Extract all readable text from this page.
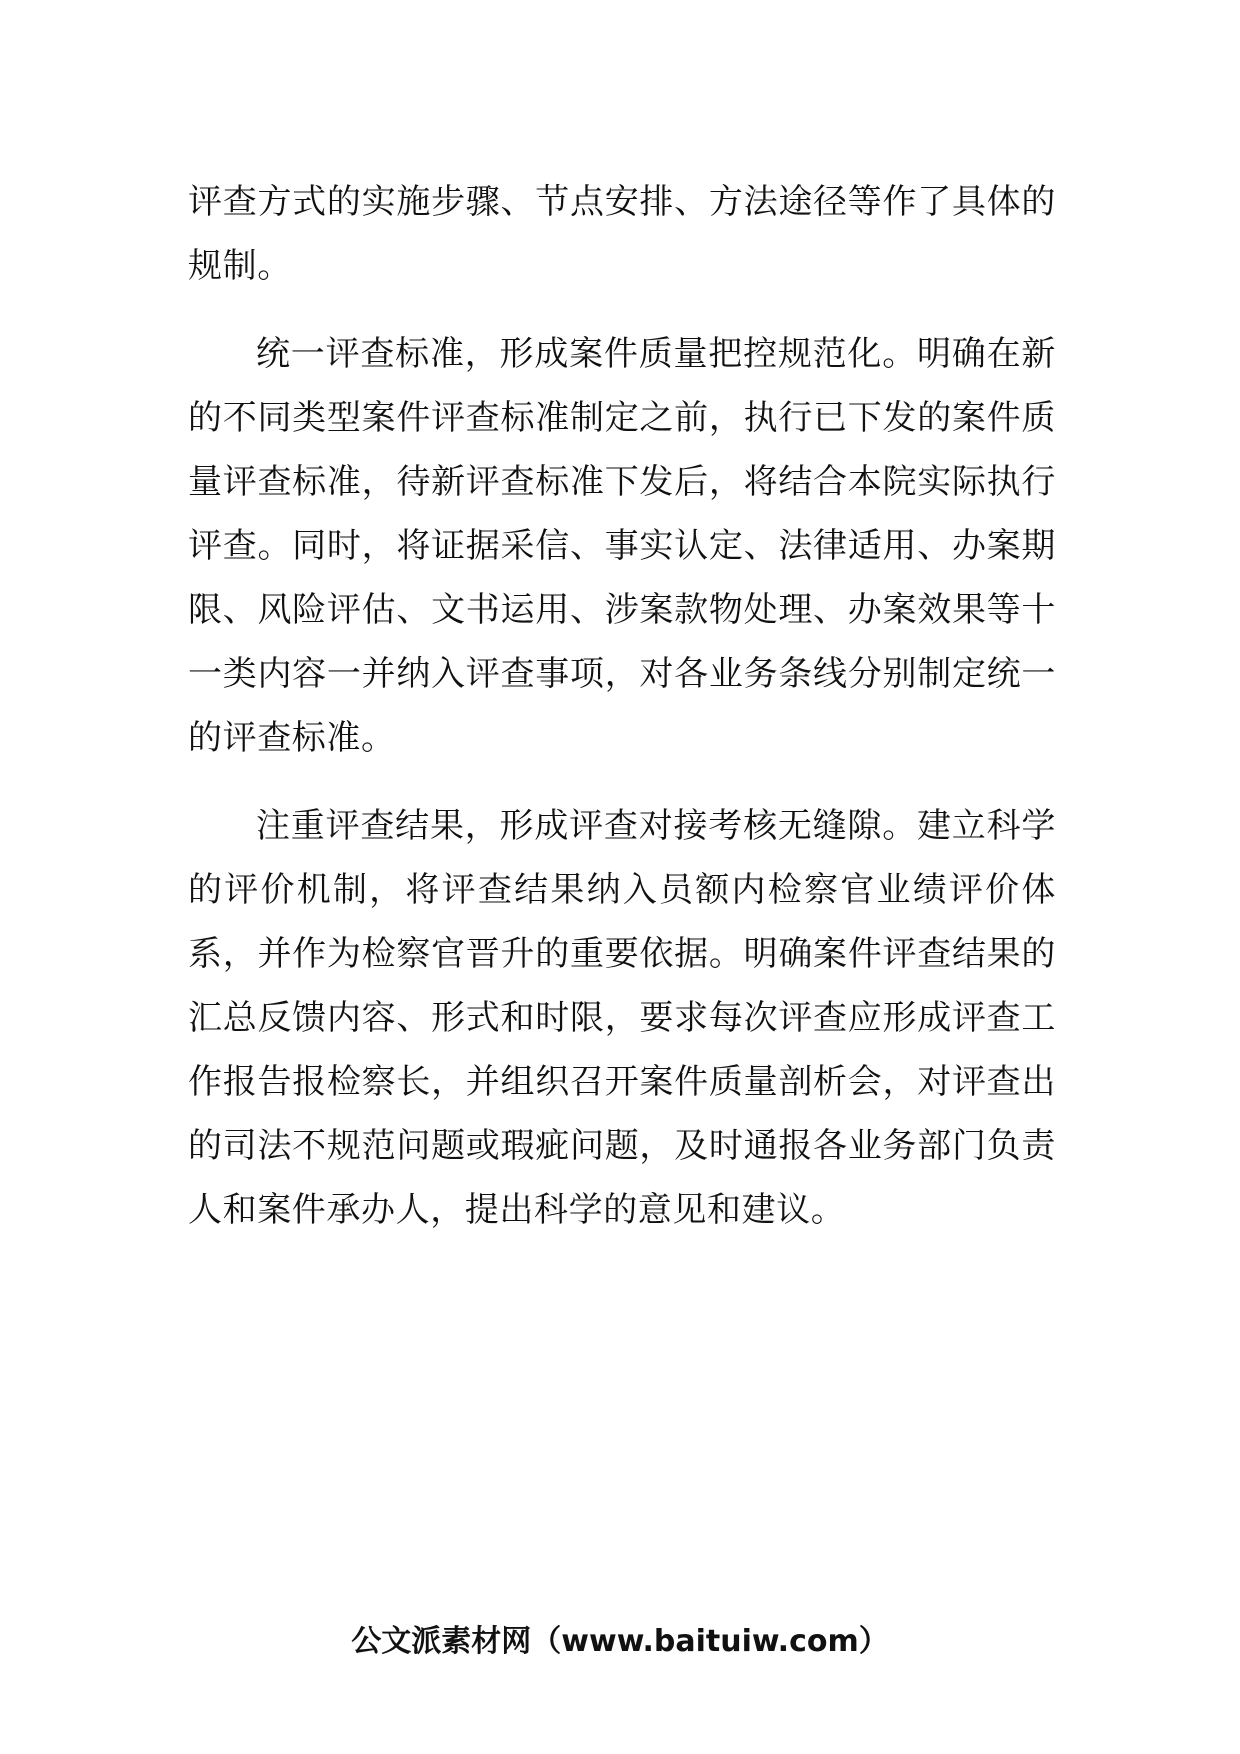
评查方式的实施步骤、节点安排、方法途径等作了具体的规制。

统一评查标准，形成案件质量把控规范化。明确在新的不同类型案件评查标准制定之前，执行已下发的案件质量评查标准，待新评查标准下发后，将结合本院实际执行评查。同时，将证据采信、事实认定、法律适用、办案期限、风险评估、文书运用、涉案款物处理、办案效果等十一类内容一并纳入评查事项，对各业务条线分别制定统一的评查标准。

注重评查结果，形成评查对接考核无缝隙。建立科学的评价机制，将评查结果纳入员额内检察官业绩评价体系，并作为检察官晋升的重要依据。明确案件评查结果的汇总反馈内容、形式和时限，要求每次评查应形成评查工作报告报检察长，并组织召开案件质量剖析会，对评查出的司法不规范问题或瑕疵问题，及时通报各业务部门负责人和案件承办人，提出科学的意见和建议。

公文派素材网（www.baituiw.com）
